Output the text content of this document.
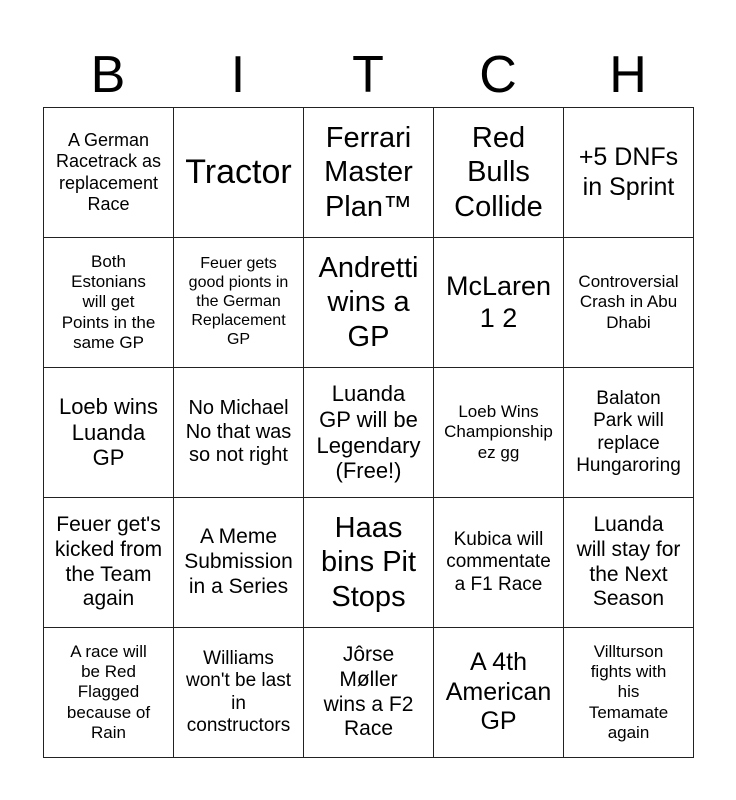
B	I	T	C	H
A German
Racetrack as
replacement
Race	Tractor	Ferrari
Master
Plan™	Red
Bulls
Collide	+5 DNFs
in Sprint

Both
Estonians
will get
Points in the
same GP	Feuer gets
good pionts in
the German
Replacement
GP	Andretti
wins a
GP	McLaren
1 2	Controversial
Crash in Abu
Dhabi

Loeb wins
Luanda
GP	No Michael
No that was
so not right	Luanda
GP will be
Legendary
(Free!)	Loeb Wins
Championship
ez gg	Balaton
Park will
replace
Hungaroring

Feuer get's
kicked from
the Team
again	A Meme
Submission
in a Series	Haas
bins Pit
Stops	Kubica will
commentate
a F1 Race	Luanda
will stay for
the Next
Season

A race will
be Red
Flagged
because of
Rain	Williams
won't be last
in
constructors	Jôrse
Møller
wins a F2
Race	A 4th
American
GP	Villturson
fights with
his
Temamate
again
